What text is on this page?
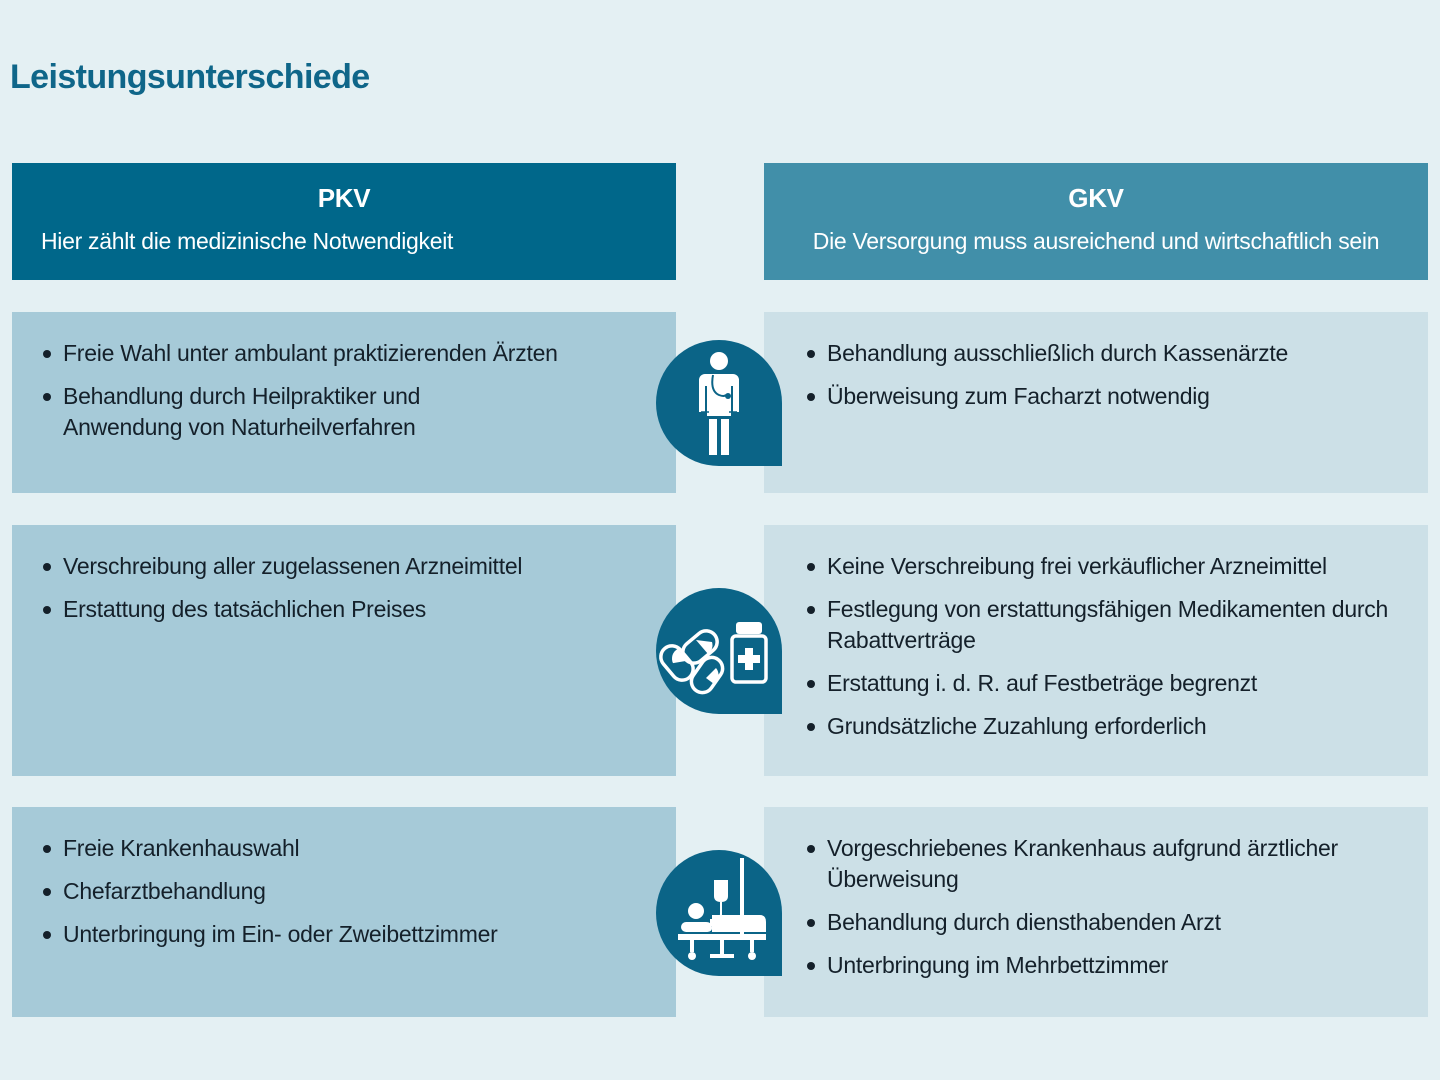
Leistungsunterschiede
PKV
Hier zählt die medizinische Notwendigkeit
GKV
Die Versorgung muss ausreichend und wirtschaftlich sein
Freie Wahl unter ambulant praktizierenden Ärzten
Behandlung durch Heilpraktiker und Anwendung von Naturheilverfahren
Behandlung ausschließlich durch Kassenärzte
Überweisung zum Facharzt notwendig
Verschreibung aller zugelassenen Arzneimittel
Erstattung des tatsächlichen Preises
Keine Verschreibung frei verkäuflicher Arzneimittel
Festlegung von erstattungsfähigen Medikamenten durch Rabattverträge
Erstattung i. d. R. auf Festbeträge begrenzt
Grundsätzliche Zuzahlung erforderlich
Freie Krankenhauswahl
Chefarztbehandlung
Unterbringung im Ein- oder Zweibettzimmer
Vorgeschriebenes Krankenhaus aufgrund ärztlicher Überweisung
Behandlung durch diensthabenden Arzt
Unterbringung im Mehrbettzimmer
